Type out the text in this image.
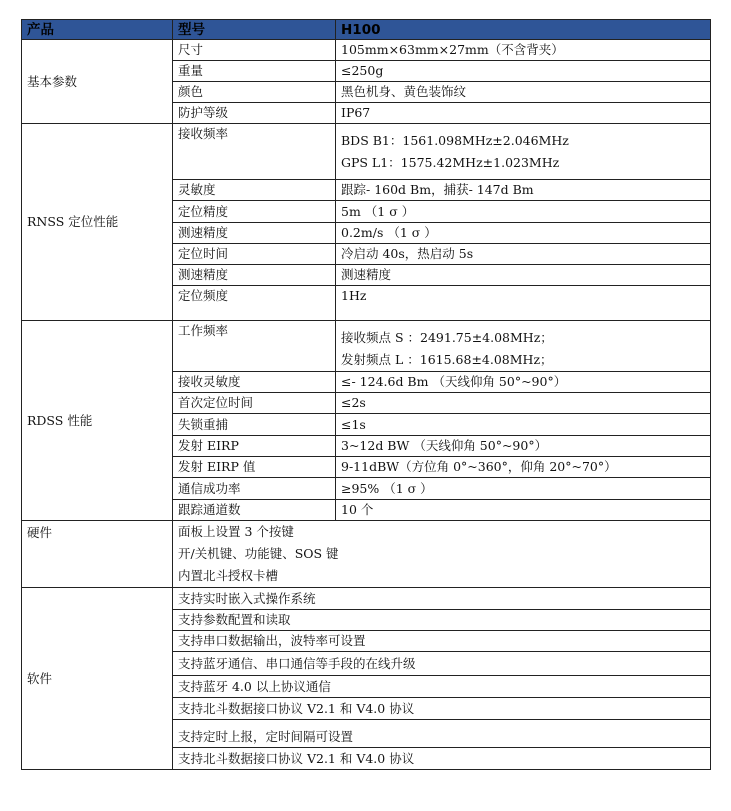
产品	型号	H100
基本参数	尺寸	105mm×63mm×27mm（不含背夹）
	重量	≤250g
	颜色	黑色机身、黄色装饰纹
	防护等级	IP67
RNSS 定位性能	接收频率	BDS B1：1561.098MHz±2.046MHz
GPS L1：1575.42MHz±1.023MHz

	灵敏度	跟踪- 160d Bm，捕获- 147d Bm
	定位精度	5m （1 σ ）
	测速精度	0.2m/s （1 σ ）
	定位时间	冷启动 40s，热启动 5s
	测速精度	测速精度
	定位频度	1Hz
RDSS 性能	工作频率	接收频点 S ：2491.75±4.08MHz；
发射频点 L ：1615.68±4.08MHz；

	接收灵敏度	≤- 124.6d Bm （天线仰角 50°~90°）
	首次定位时间	≤2s
	失锁重捕	≤1s
	发射 EIRP	3~12d BW （天线仰角 50°~90°）
	发射 EIRP 值	9-11dBW（方位角 0°~360°，仰角 20°~70°）
	通信成功率	≥95% （1 σ ）
	跟踪通道数	10 个
硬件	面板上设置 3 个按键
开/关机键、功能键、SOS 键
内置北斗授权卡槽	

软件	支持实时嵌入式操作系统	
	支持参数配置和读取	
	支持串口数据输出，波特率可设置	
	支持蓝牙通信、串口通信等手段的在线升级	
	支持蓝牙 4.0 以上协议通信	
	支持北斗数据接口协议 V2.1 和 V4.0 协议	
	支持定时上报，定时间隔可设置	
	支持北斗数据接口协议 V2.1 和 V4.0 协议	
